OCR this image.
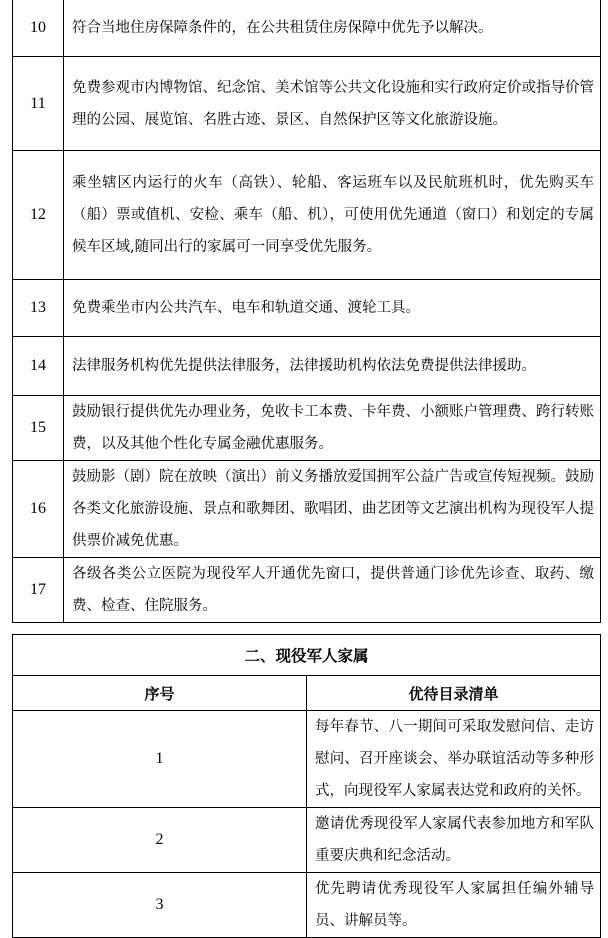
10	符合当地住房保障条件的，在公共租赁住房保障中优先予以解决。
11	免费参观市内博物馆、纪念馆、美术馆等公共文化设施和实行政府定价或指导价管理的公园、展览馆、名胜古迹、景区、自然保护区等文化旅游设施。
12	乘坐辖区内运行的火车（高铁）、轮船、客运班车以及民航班机时，优先购买车（船）票或值机、安检、乘车（船、机），可使用优先通道（窗口）和划定的专属候车区域,随同出行的家属可一同享受优先服务。
13	免费乘坐市内公共汽车、电车和轨道交通、渡轮工具。
14	法律服务机构优先提供法律服务，法律援助机构依法免费提供法律援助。
15	鼓励银行提供优先办理业务，免收卡工本费、卡年费、小额账户管理费、跨行转账费，以及其他个性化专属金融优惠服务。
16	鼓励影（剧）院在放映（演出）前义务播放爱国拥军公益广告或宣传短视频。鼓励各类文化旅游设施、景点和歌舞团、歌唱团、曲艺团等文艺演出机构为现役军人提供票价减免优惠。
17	各级各类公立医院为现役军人开通优先窗口，提供普通门诊优先诊查、取药、缴费、检查、住院服务。
二、现役军人家属	
序号	优待目录清单
1	每年春节、八一期间可采取发慰问信、走访慰问、召开座谈会、举办联谊活动等多种形式，向现役军人家属表达党和政府的关怀。
2	邀请优秀现役军人家属代表参加地方和军队重要庆典和纪念活动。
3	优先聘请优秀现役军人家属担任编外辅导员、讲解员等。
